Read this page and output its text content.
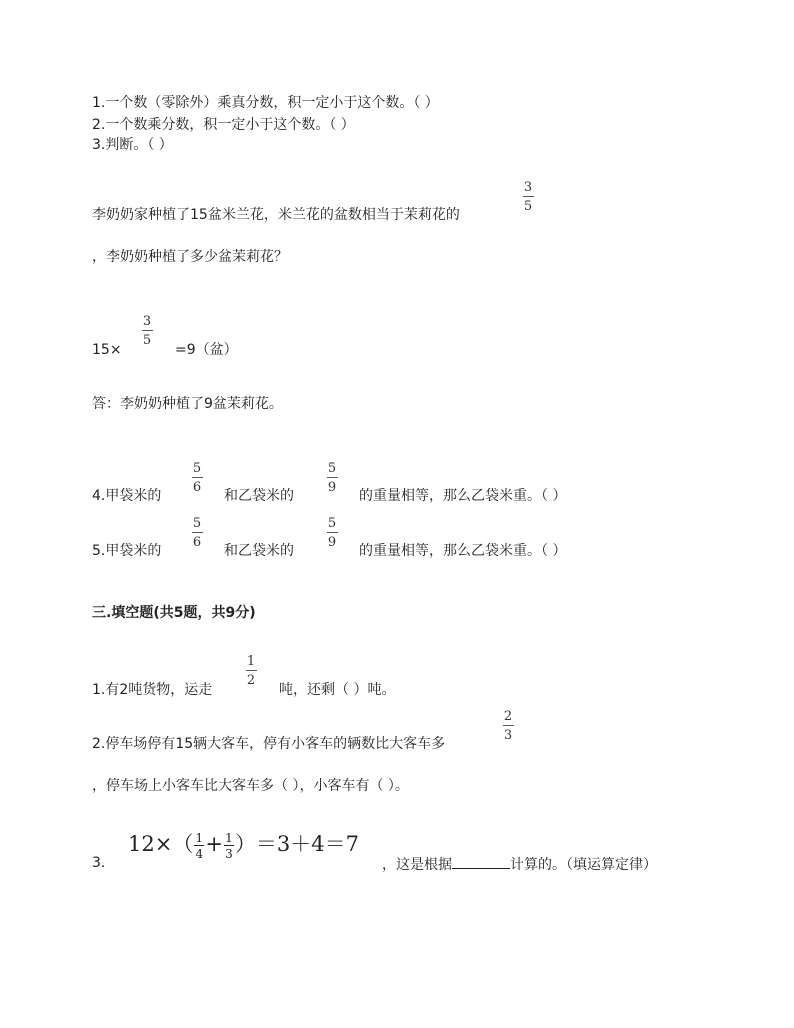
1.一个数（零除外）乘真分数，积一定小于这个数。（ ）
2.一个数乘分数，积一定小于这个数。（ ）
3.判断。（ ）
李奶奶家种植了15盆米兰花，米兰花的盆数相当于茉莉花的
3
5
，李奶奶种植了多少盆茉莉花？
15×
3
5
=9（盆）
答：李奶奶种植了9盆茉莉花。
4.甲袋米的
5
6
和乙袋米的
5
9
的重量相等，那么乙袋米重。（ ）
5.甲袋米的
5
6
和乙袋米的
5
9
的重量相等，那么乙袋米重。（ ）
三.填空题(共5题，共9分)
1.有2吨货物，运走
1
2
吨，还剩（ ）吨。
2.停车场停有15辆大客车，停有小客车的辆数比大客车多
2
3
，停车场上小客车比大客车多（ ），小客车有（ ）。
$12\times( \frac{1}{4} + \frac{1}{3} )=3+4=7$
3.	，这是根据	计算的。（填运算定律）
